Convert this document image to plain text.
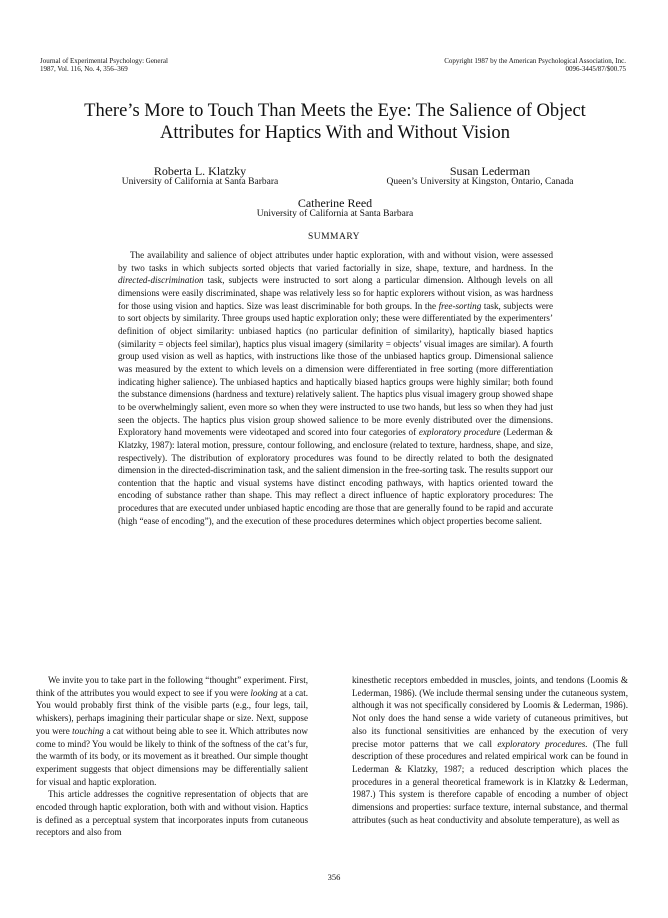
Journal of Experimental Psychology: General
1987, Vol. 116, No. 4, 356–369
Copyright 1987 by the American Psychological Association, Inc.
0096-3445/87/$00.75
There’s More to Touch Than Meets the Eye: The Salience of Object
Attributes for Haptics With and Without Vision
Roberta L. Klatzky
University of California at Santa Barbara
Susan Lederman
Queen’s University at Kingston, Ontario, Canada
Catherine Reed
University of California at Santa Barbara
SUMMARY

The availability and salience of object attributes under haptic exploration, with and without vision, were assessed by two tasks in which subjects sorted objects that varied factorially in size, shape, texture, and hardness. In the directed-discrimination task, subjects were instructed to sort along a particular dimension. Although levels on all dimensions were easily discriminated, shape was relatively less so for haptic explorers without vision, as was hardness for those using vision and haptics. Size was least discriminable for both groups. In the free-sorting task, subjects were to sort objects by similarity. Three groups used haptic exploration only; these were differentiated by the experimenters’ definition of object similarity: unbiased haptics (no particular definition of similarity), haptically biased haptics (similarity = objects feel similar), haptics plus visual imagery (similarity = objects’ visual images are similar). A fourth group used vision as well as haptics, with instructions like those of the unbiased haptics group. Dimensional salience was measured by the extent to which levels on a dimension were differentiated in free sorting (more differentiation indicating higher salience). The unbiased haptics and haptically biased haptics groups were highly similar; both found the substance dimensions (hardness and texture) relatively salient. The haptics plus visual imagery group showed shape to be overwhelmingly salient, even more so when they were instructed to use two hands, but less so when they had just seen the objects. The haptics plus vision group showed salience to be more evenly distributed over the dimensions. Exploratory hand movements were videotaped and scored into four categories of exploratory procedure (Lederman & Klatzky, 1987): lateral motion, pressure, contour following, and enclosure (related to texture, hardness, shape, and size, respectively). The distribution of exploratory procedures was found to be directly related to both the designated dimension in the directed-discrimination task, and the salient dimension in the free-sorting task. The results support our contention that the haptic and visual systems have distinct encoding pathways, with haptics oriented toward the encoding of substance rather than shape. This may reflect a direct influence of haptic exploratory procedures: The procedures that are executed under unbiased haptic encoding are those that are generally found to be rapid and accurate (high “ease of encoding”), and the execution of these procedures determines which object properties become salient.

We invite you to take part in the following “thought” experiment. First, think of the attributes you would expect to see if you were looking at a cat. You would probably first think of the visible parts (e.g., four legs, tail, whiskers), perhaps imagining their particular shape or size. Next, suppose you were touching a cat without being able to see it. Which attributes now come to mind? You would be likely to think of the softness of the cat’s fur, the warmth of its body, or its movement as it breathed. Our simple thought experiment suggests that object dimensions may be differentially salient for visual and haptic exploration.

This article addresses the cognitive representation of objects that are encoded through haptic exploration, both with and without vision. Haptics is defined as a perceptual system that incorporates inputs from cutaneous receptors and also from

kinesthetic receptors embedded in muscles, joints, and tendons (Loomis & Lederman, 1986). (We include thermal sensing under the cutaneous system, although it was not specifically considered by Loomis & Lederman, 1986). Not only does the hand sense a wide variety of cutaneous primitives, but also its functional sensitivities are enhanced by the execution of very precise motor patterns that we call exploratory procedures. (The full description of these procedures and related empirical work can be found in Lederman & Klatzky, 1987; a reduced description which places the procedures in a general theoretical framework is in Klatzky & Lederman, 1987.) This system is therefore capable of encoding a number of object dimensions and properties: surface texture, internal substance, and thermal attributes (such as heat conductivity and absolute temperature), as well as

356
